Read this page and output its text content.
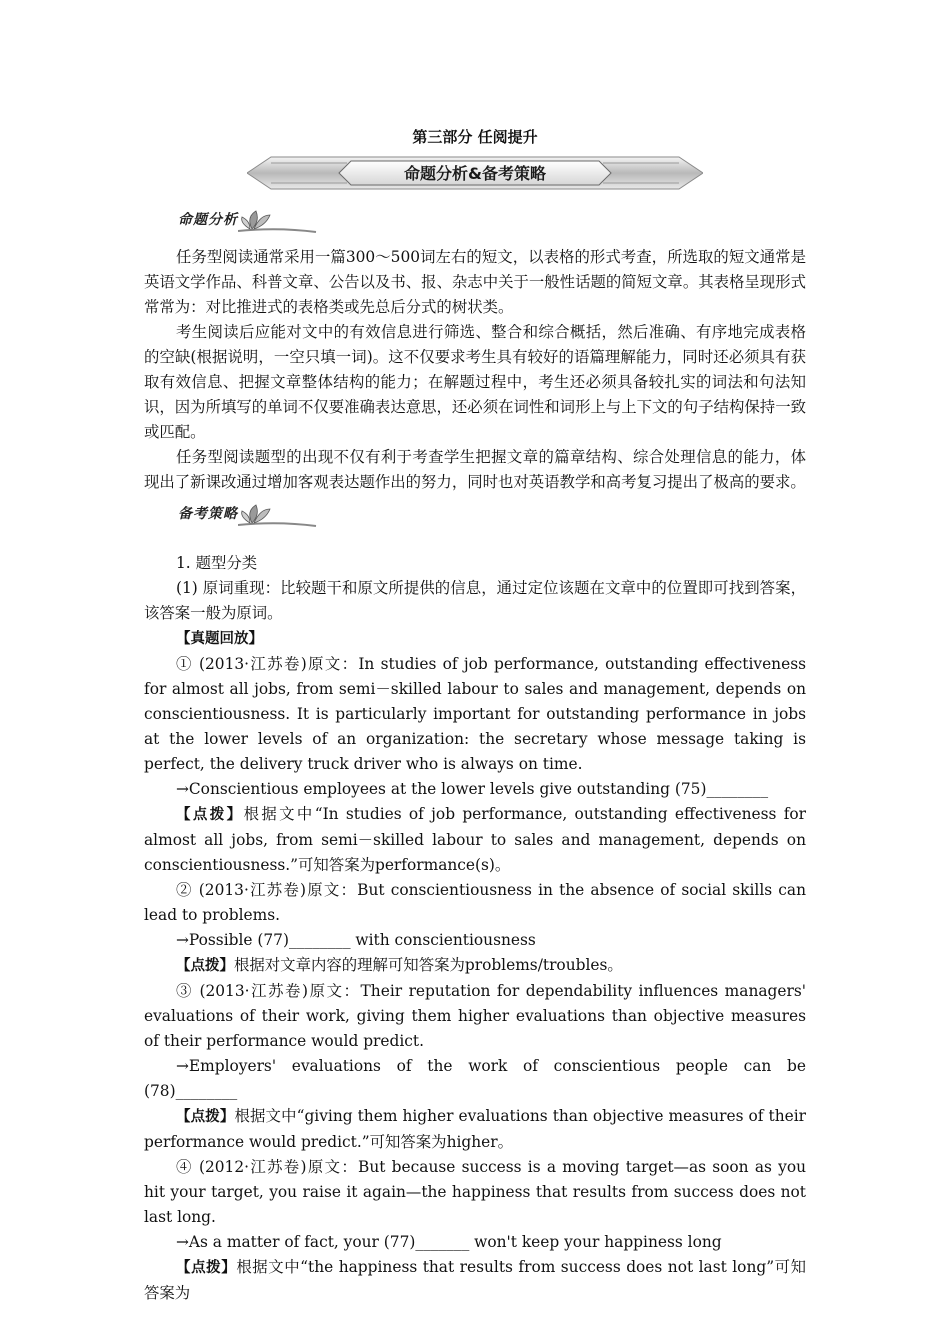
第三部分 任阅提升
命题分析&备考策略
命题分析

任务型阅读通常采用一篇300～500词左右的短文，以表格的形式考查，所选取的短文通常是英语文学作品、科普文章、公告以及书、报、杂志中关于一般性话题的简短文章。其表格呈现形式常常为：对比推进式的表格类或先总后分式的树状类。

考生阅读后应能对文中的有效信息进行筛选、整合和综合概括，然后准确、有序地完成表格的空缺(根据说明，一空只填一词)。这不仅要求考生具有较好的语篇理解能力，同时还必须具有获取有效信息、把握文章整体结构的能力；在解题过程中，考生还必须具备较扎实的词法和句法知识，因为所填写的单词不仅要准确表达意思，还必须在词性和词形上与上下文的句子结构保持一致或匹配。

任务型阅读题型的出现不仅有利于考查学生把握文章的篇章结构、综合处理信息的能力，体现出了新课改通过增加客观表达题作出的努力，同时也对英语教学和高考复习提出了极高的要求。

备考策略

1. 题型分类

(1) 原词重现：比较题干和原文所提供的信息，通过定位该题在文章中的位置即可找到答案，该答案一般为原词。

【真题回放】

① (2013·江苏卷)原文：In studies of job performance, outstanding effectiveness for almost all jobs, from semi－skilled labour to sales and management, depends on conscientiousness. It is particularly important for outstanding performance in jobs at the lower levels of an organization: the secretary whose message taking is perfect, the delivery truck driver who is always on time.

→Conscientious employees at the lower levels give outstanding (75)________

【点拨】根据文中“In studies of job performance, outstanding effectiveness for almost all jobs, from semi－skilled labour to sales and management, depends on conscientiousness.”可知答案为performance(s)。

② (2013·江苏卷)原文：But conscientiousness in the absence of social skills can lead to problems.

→Possible (77)________ with conscientiousness

【点拨】根据对文章内容的理解可知答案为problems/troubles。

③ (2013·江苏卷)原文：Their reputation for dependability influences managers' evaluations of their work, giving them higher evaluations than objective measures of their performance would predict.

→Employers' evaluations of the work of conscientious people can be (78)________

【点拨】根据文中“giving them higher evaluations than objective measures of their performance would predict.”可知答案为higher。

④ (2012·江苏卷)原文：But because success is a moving target—as soon as you hit your target, you raise it again—the happiness that results from success does not last long.

→As a matter of fact, your (77)_______ won't keep your happiness long

【点拨】根据文中“the happiness that results from success does not last long”可知答案为
